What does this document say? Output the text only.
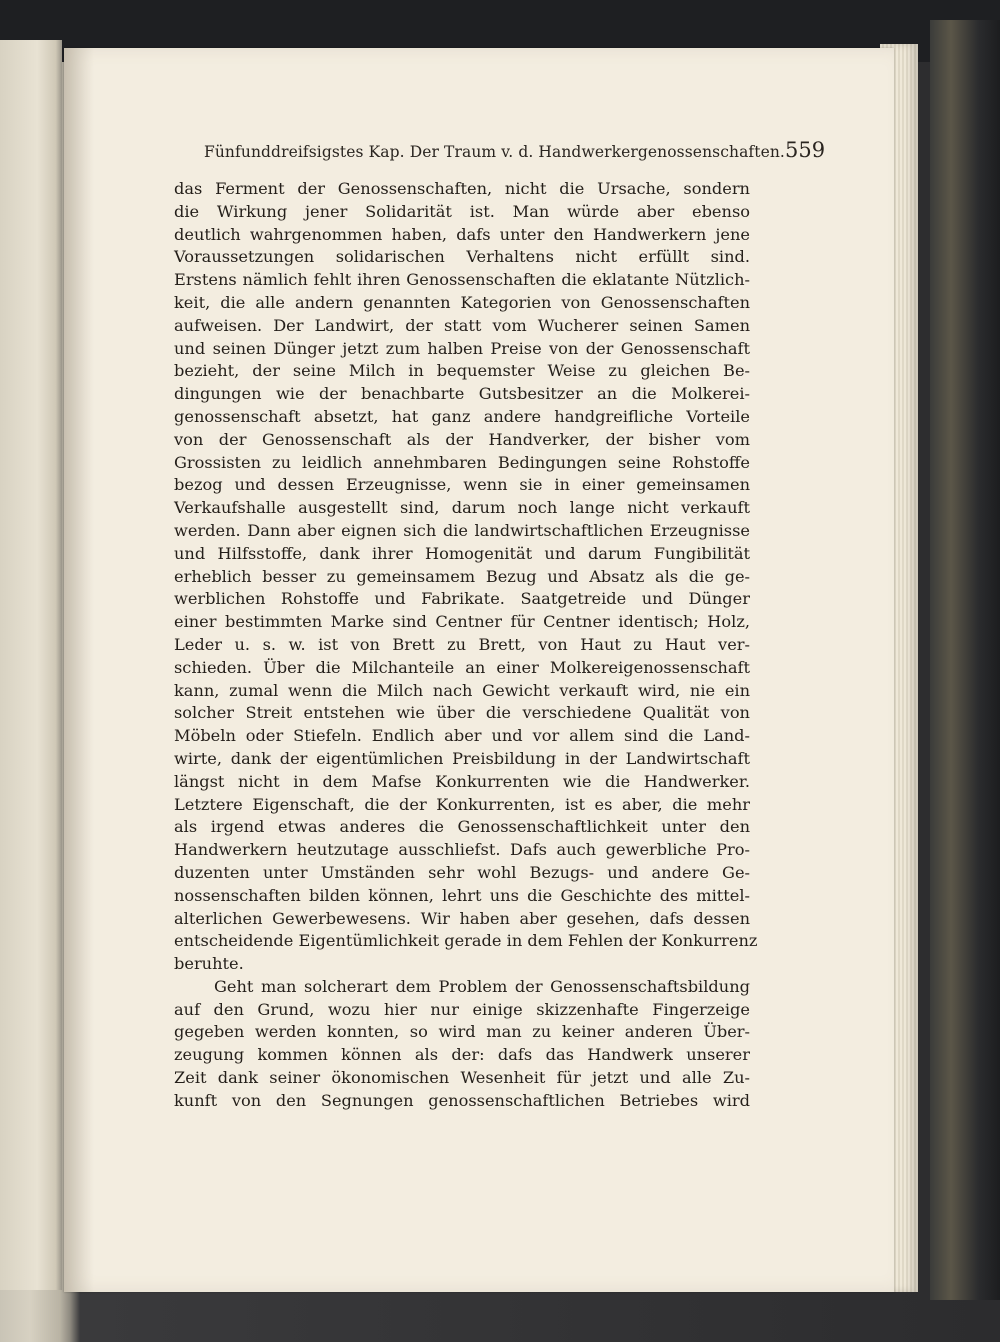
Fünfunddreifsigstes Kap. Der Traum v. d. Handwerkergenossenschaften. 559
das Ferment der Genossenschaften, nicht die Ursache, sondern
die Wirkung jener Solidarität ist. Man würde aber ebenso
deutlich wahrgenommen haben, dafs unter den Handwerkern jene
Voraussetzungen solidarischen Verhaltens nicht erfüllt sind.
Erstens nämlich fehlt ihren Genossenschaften die eklatante Nützlich-
keit, die alle andern genannten Kategorien von Genossenschaften
aufweisen. Der Landwirt, der statt vom Wucherer seinen Samen
und seinen Dünger jetzt zum halben Preise von der Genossenschaft
bezieht, der seine Milch in bequemster Weise zu gleichen Be-
dingungen wie der benachbarte Gutsbesitzer an die Molkerei-
genossenschaft absetzt, hat ganz andere handgreifliche Vorteile
von der Genossenschaft als der Handverker, der bisher vom
Grossisten zu leidlich annehmbaren Bedingungen seine Rohstoffe
bezog und dessen Erzeugnisse, wenn sie in einer gemeinsamen
Verkaufshalle ausgestellt sind, darum noch lange nicht verkauft
werden. Dann aber eignen sich die landwirtschaftlichen Erzeugnisse
und Hilfsstoffe, dank ihrer Homogenität und darum Fungibilität
erheblich besser zu gemeinsamem Bezug und Absatz als die ge-
werblichen Rohstoffe und Fabrikate. Saatgetreide und Dünger
einer bestimmten Marke sind Centner für Centner identisch; Holz,
Leder u. s. w. ist von Brett zu Brett, von Haut zu Haut ver-
schieden. Über die Milchanteile an einer Molkereigenossenschaft
kann, zumal wenn die Milch nach Gewicht verkauft wird, nie ein
solcher Streit entstehen wie über die verschiedene Qualität von
Möbeln oder Stiefeln. Endlich aber und vor allem sind die Land-
wirte, dank der eigentümlichen Preisbildung in der Landwirtschaft
längst nicht in dem Mafse Konkurrenten wie die Handwerker.
Letztere Eigenschaft, die der Konkurrenten, ist es aber, die mehr
als irgend etwas anderes die Genossenschaftlichkeit unter den
Handwerkern heutzutage ausschliefst. Dafs auch gewerbliche Pro-
duzenten unter Umständen sehr wohl Bezugs- und andere Ge-
nossenschaften bilden können, lehrt uns die Geschichte des mittel-
alterlichen Gewerbewesens. Wir haben aber gesehen, dafs dessen
entscheidende Eigentümlichkeit gerade in dem Fehlen der Konkurrenz
beruhte.
Geht man solcherart dem Problem der Genossenschaftsbildung
auf den Grund, wozu hier nur einige skizzenhafte Fingerzeige
gegeben werden konnten, so wird man zu keiner anderen Über-
zeugung kommen können als der: dafs das Handwerk unserer
Zeit dank seiner ökonomischen Wesenheit für jetzt und alle Zu-
kunft von den Segnungen genossenschaftlichen Betriebes wird
